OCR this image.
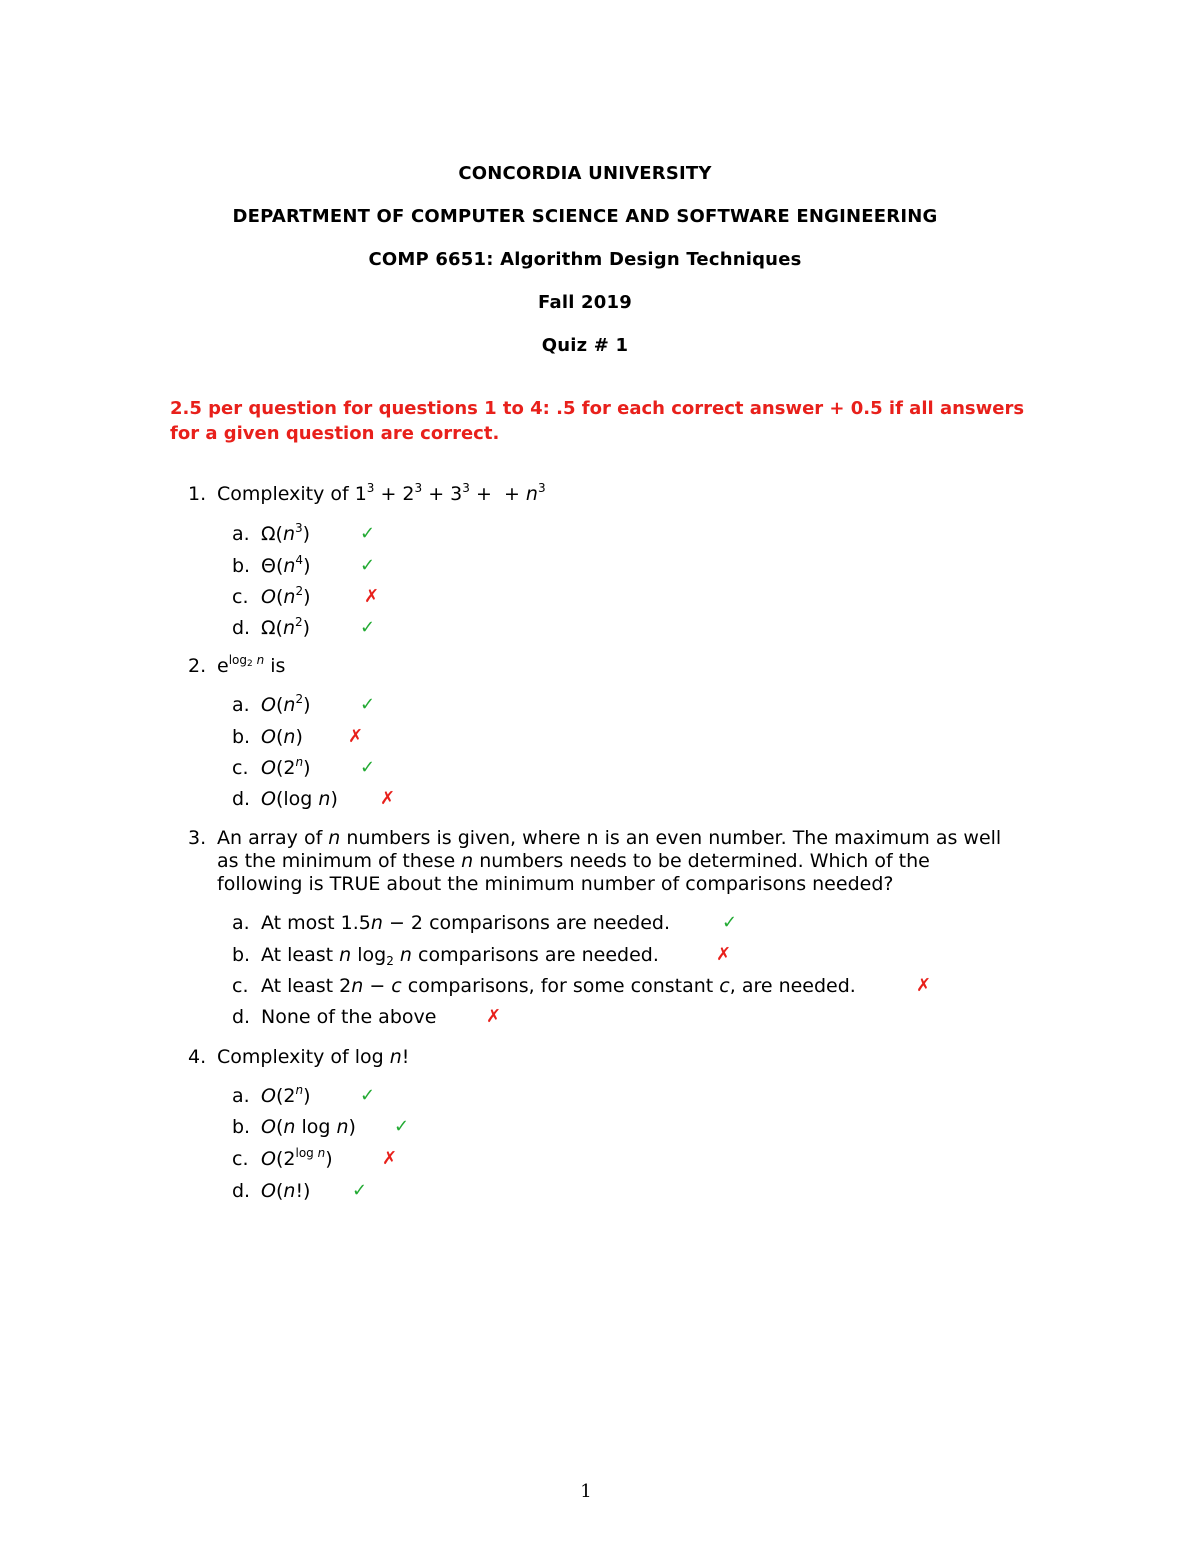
CONCORDIA UNIVERSITY
DEPARTMENT OF COMPUTER SCIENCE AND SOFTWARE ENGINEERING
COMP 6651: Algorithm Design Techniques
Fall 2019
Quiz # 1
2.5 per question for questions 1 to 4: .5 for each correct answer + 0.5 if all answers for a given question are correct.
1. Complexity of $1^3 + 2^3 + 3^3$ +  + $n^3$
a. $\Omega(n^3)$	✓
b. $\Theta(n^4)$	✓
c. $O(n^2)$	✗
d. $\Omega(n^2)$	✓
2. $e^{log_2 n}$ is
a. $O(n^2)$	✓
b. O(n)	✗
c. O(2$^n$)	✓
d. O(log n) ✗
3. An array of n numbers is given, where n is an even number. The maximum as well as the minimum of these n numbers needs to be determined. Which of the following is TRUE about the minimum number of comparisons needed?
a. At most 1.5n − 2 comparisons are needed.	✓
b. At least n $\log_2 n$ comparisons are needed.	✗
c. At least 2n − c comparisons, for some constant c, are needed.	✗
d. None of the above	✗
4. Complexity of log n!
a. O(2$^n$)	✓
b. O(n log n) ✓
c. $O(2^{log n})$	✗
d. O(n!) ✓
1
